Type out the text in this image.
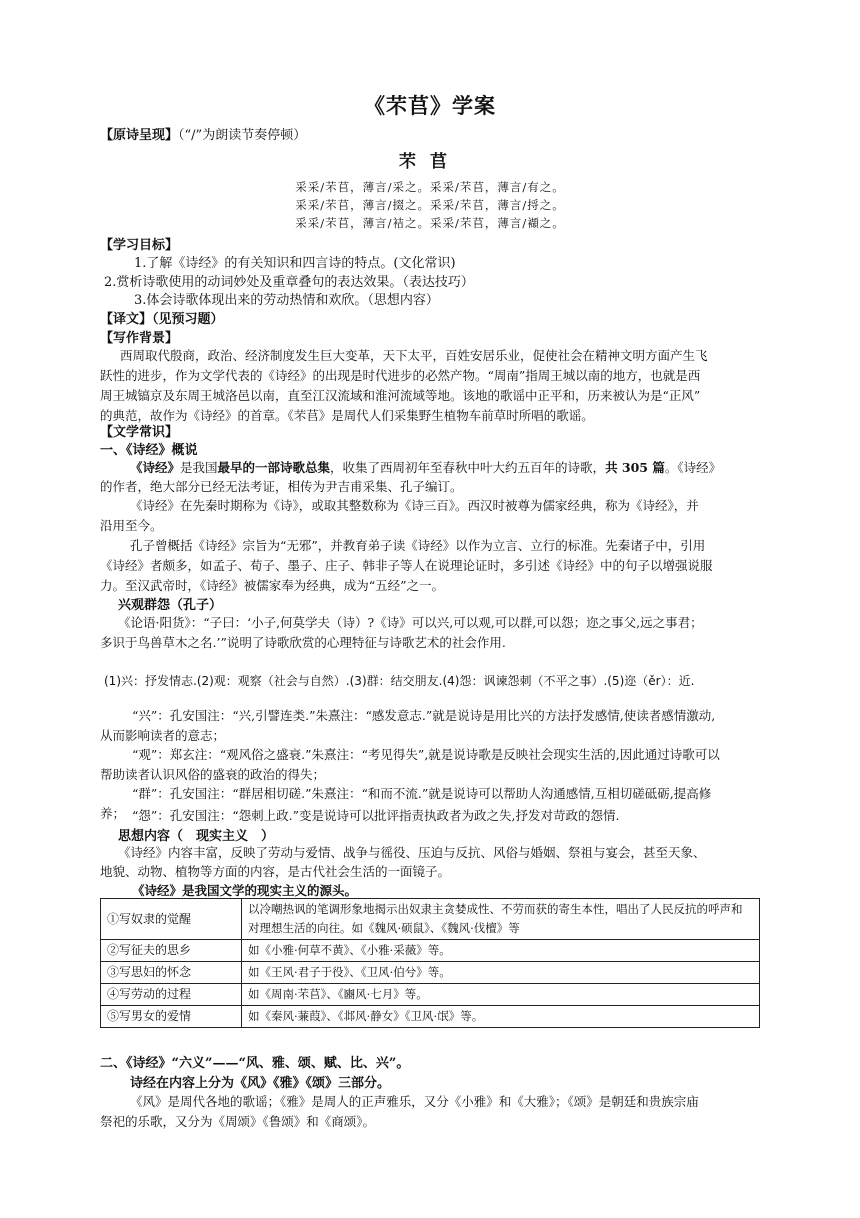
《芣苢》学案
【原诗呈现】（“/”为朗读节奏停顿）
芣苢
采采/芣苢，薄言/采之。采采/芣苢，薄言/有之。
采采/芣苢，薄言/掇之。采采/芣苢，薄言/捋之。
采采/芣苢，薄言/袺之。采采/芣苢，薄言/襭之。
【学习目标】
1.了解《诗经》的有关知识和四言诗的特点。(文化常识)
2.赏析诗歌使用的动词妙处及重章叠句的表达效果。（表达技巧）
3.体会诗歌体现出来的劳动热情和欢欣。（思想内容）
【译文】（见预习题）
【写作背景】
西周取代殷商，政治、经济制度发生巨大变革，天下太平，百姓安居乐业，促使社会在精神文明方面产生飞
跃性的进步，作为文学代表的《诗经》的出现是时代进步的必然产物。“周南”指周王城以南的地方，也就是西
周王城镐京及东周王城洛邑以南，直至江汉流域和淮河流域等地。该地的歌谣中正平和，历来被认为是“正风”
的典范，故作为《诗经》的首章。《芣苢》是周代人们采集野生植物车前草时所唱的歌谣。
【文学常识】
一、《诗经》概说
《诗经》是我国最早的一部诗歌总集，收集了西周初年至春秋中叶大约五百年的诗歌，共 305 篇。《诗经》
的作者，绝大部分已经无法考证，相传为尹吉甫采集、孔子编订。
《诗经》在先秦时期称为《诗》，或取其整数称为《诗三百》。西汉时被尊为儒家经典，称为《诗经》，并
沿用至今。
孔子曾概括《诗经》宗旨为“无邪”，并教育弟子读《诗经》以作为立言、立行的标准。先秦诸子中，引用
《诗经》者颇多，如孟子、荀子、墨子、庄子、韩非子等人在说理论证时，多引述《诗经》中的句子以增强说服
力。至汉武帝时，《诗经》被儒家奉为经典，成为“五经”之一。
兴观群怨（孔子）
《论语·阳货》：“子曰：‘小子,何莫学夫（诗）?《诗》可以兴,可以观,可以群,可以怨；迩之事父,远之事君；
多识于鸟兽草木之名.’”说明了诗歌欣赏的心理特征与诗歌艺术的社会作用.
(1)兴：抒发情志.(2)观：观察（社会与自然）.(3)群：结交朋友.(4)怨：讽谏怨刺（不平之事）.(5)迩（ěr）：近.
“兴”：孔安国注：“兴,引譬连类.”朱熹注：“感发意志.”就是说诗是用比兴的方法抒发感情,使读者感情激动,
从而影响读者的意志；
“观”：郑玄注：“观风俗之盛衰.”朱熹注：“考见得失”,就是说诗歌是反映社会现实生活的,因此通过诗歌可以
帮助读者认识风俗的盛衰的政治的得失；
“群”：孔安国注：“群居相切磋.”朱熹注：“和而不流.”就是说诗可以帮助人沟通感情,互相切磋砥砺,提高修
养； “怨”：孔安国注：“怨刺上政.”变是说诗可以批评指责执政者为政之失,抒发对苛政的怨情.
思想内容（　现实主义　）
《诗经》内容丰富，反映了劳动与爱情、战争与徭役、压迫与反抗、风俗与婚姻、祭祖与宴会，甚至天象、
地貌、动物、植物等方面的内容，是古代社会生活的一面镜子。
①写奴隶的觉醒	以冷嘲热讽的笔调形象地揭示出奴隶主贪婪成性、不劳而获的寄生本性，唱出了人民反抗的呼声和对理想生活的向往。如《魏风·硕鼠》、《魏风·伐檀》等
②写征夫的思乡	如《小雅·何草不黄》、《小雅·采薇》等。
③写思妇的怀念	如《王风·君子于役》、《卫风·伯兮》等。
④写劳动的过程	如《周南·芣苢》、《豳风·七月》等。
⑤写男女的爱情	如《秦风·蒹葭》、《邶风·静女》《卫风·氓》等。
二、《诗经》“六义”——“风、雅、颂、赋、比、兴”。
诗经在内容上分为《风》《雅》《颂》三部分。
《风》是周代各地的歌谣；《雅》是周人的正声雅乐，又分《小雅》和《大雅》；《颂》是朝廷和贵族宗庙
祭祀的乐歌，又分为《周颂》《鲁颂》和《商颂》。
《诗经》是我国文学的现实主义的源头。
